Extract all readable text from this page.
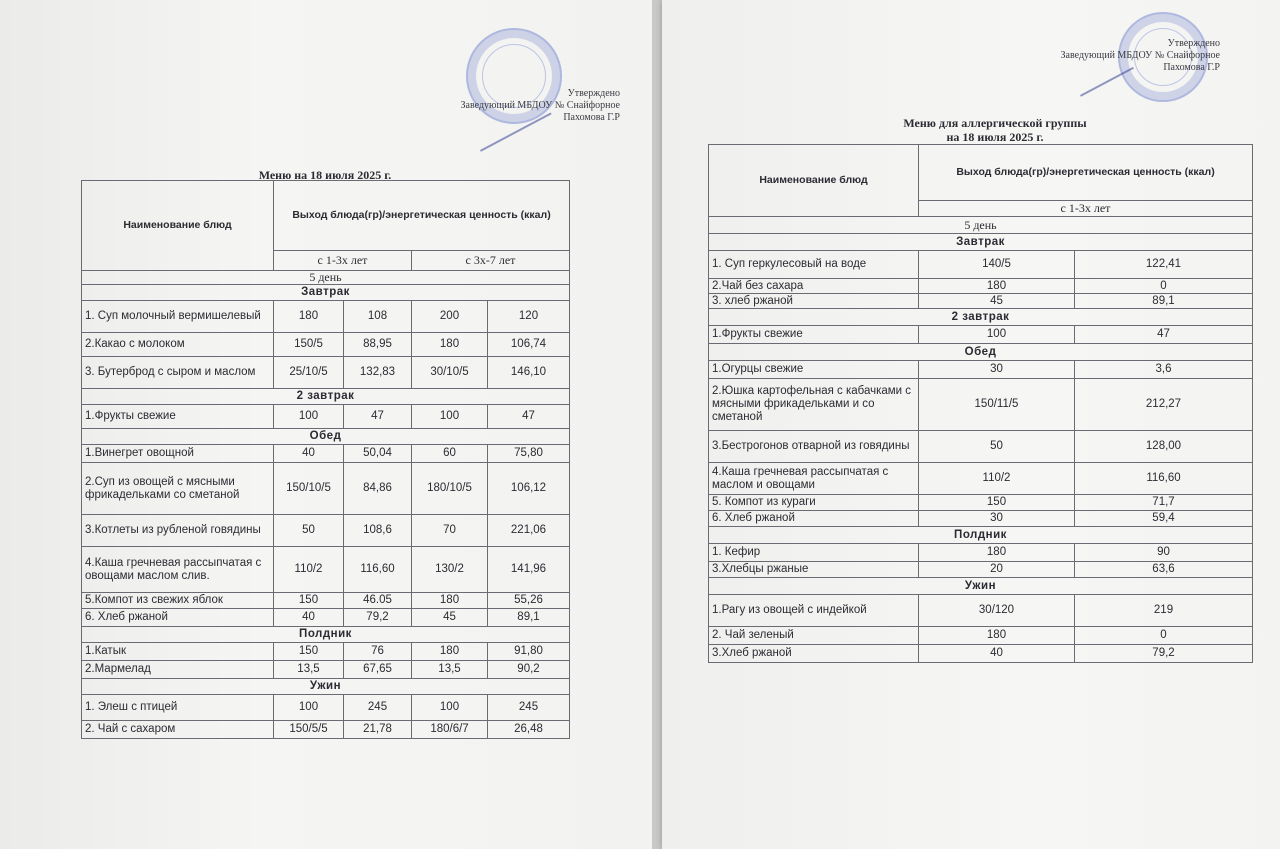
Утверждено
Заведующий МБДОУ № Снайфорное
Пахомова Г.Р
Меню на 18 июля 2025 г.
Наименование блюд	Выход блюда(гр)/энергетическая ценность (ккал)			
	с 1-3х лет		с 3х-7 лет	
5 день				
Завтрак				
1. Суп молочный вермишелевый	180	108	200	120
2.Какао с молоком	150/5	88,95	180	106,74
3. Бутерброд с сыром и маслом	25/10/5	132,83	30/10/5	146,10
2 завтрак				
1.Фрукты свежие	100	47	100	47
Обед				
1.Винегрет овощной	40	50,04	60	75,80
2.Суп из овощей с мясными фрикадельками со сметаной	150/10/5	84,86	180/10/5	106,12
3.Котлеты из рубленой говядины	50	108,6	70	221,06
4.Каша гречневая рассыпчатая с овощами маслом слив.	110/2	116,60	130/2	141,96
5.Компот из свежих яблок	150	46.05	180	55,26
6. Хлеб ржаной	40	79,2	45	89,1
Полдник				
1.Катык	150	76	180	91,80
2.Мармелад	13,5	67,65	13,5	90,2
Ужин				
1. Элеш с птицей	100	245	100	245
2. Чай с сахаром	150/5/5	21,78	180/6/7	26,48
Утверждено
Заведующий МБДОУ № Снайфорное
Пахомова Г.Р
Меню для аллергической группы
на 18 июля 2025 г.
Наименование блюд	Выход блюда(гр)/энергетическая ценность (ккал)	
	с 1-3х лет	
5 день		
Завтрак		
1. Суп геркулесовый на воде	140/5	122,41
2.Чай без сахара	180	0
3. хлеб ржаной	45	89,1
2 завтрак		
1.Фрукты свежие	100	47
Обед		
1.Огурцы свежие	30	3,6
2.Юшка картофельная с кабачками с мясными фрикадельками и со сметаной	150/11/5	212,27
3.Бестрогонов отварной из говядины	50	128,00
4.Каша гречневая рассыпчатая с маслом и овощами	110/2	116,60
5. Компот из кураги	150	71,7
6. Хлеб ржаной	30	59,4
Полдник		
1. Кефир	180	90
3.Хлебцы ржаные	20	63,6
Ужин		
1.Рагу из овощей с индейкой	30/120	219
2. Чай зеленый	180	0
3.Хлеб ржаной	40	79,2
